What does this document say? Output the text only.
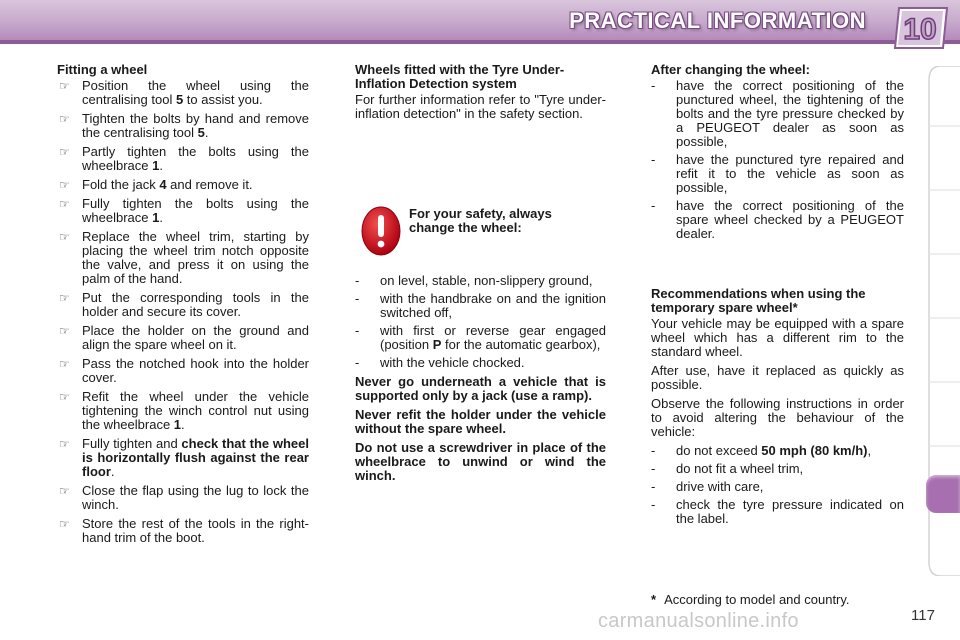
PRACTICAL INFORMATION 10

Fitting a wheel

☞ Position the wheel using the centralising tool 5 to assist you.
☞ Tighten the bolts by hand and remove the centralising tool 5.
☞ Partly tighten the bolts using the wheelbrace 1.
☞ Fold the jack 4 and remove it.
☞ Fully tighten the bolts using the wheelbrace 1.
☞ Replace the wheel trim, starting by placing the wheel trim notch opposite the valve, and press it on using the palm of the hand.
☞ Put the corresponding tools in the holder and secure its cover.
☞ Place the holder on the ground and align the spare wheel on it.
☞ Pass the notched hook into the holder cover.
☞ Refit the wheel under the vehicle tightening the winch control nut using the wheelbrace 1.
☞ Fully tighten and check that the wheel is horizontally flush against the rear floor.
☞ Close the flap using the lug to lock the winch.
☞ Store the rest of the tools in the right-hand trim of the boot.

Wheels fitted with the Tyre Under-Inflation Detection system

For further information refer to "Tyre under-inflation detection" in the safety section.

For your safety, always change the wheel:
- on level, stable, non-slippery ground,
- with the handbrake on and the ignition switched off,
- with first or reverse gear engaged (position P for the automatic gearbox),
- with the vehicle chocked.

Never go underneath a vehicle that is supported only by a jack (use a ramp).

Never refit the holder under the vehicle without the spare wheel.

Do not use a screwdriver in place of the wheelbrace to unwind or wind the winch.

After changing the wheel:

- have the correct positioning of the punctured wheel, the tightening of the bolts and the tyre pressure checked by a PEUGEOT dealer as soon as possible,
- have the punctured tyre repaired and refit it to the vehicle as soon as possible,
- have the correct positioning of the spare wheel checked by a PEUGEOT dealer.

Recommendations when using the temporary spare wheel*

Your vehicle may be equipped with a spare wheel which has a different rim to the standard wheel.

After use, have it replaced as quickly as possible.

Observe the following instructions in order to avoid altering the behaviour of the vehicle:

- do not exceed 50 mph (80 km/h),
- do not fit a wheel trim,
- drive with care,
- check the tyre pressure indicated on the label.
* According to model and country.
carmanualsonline.info	117
